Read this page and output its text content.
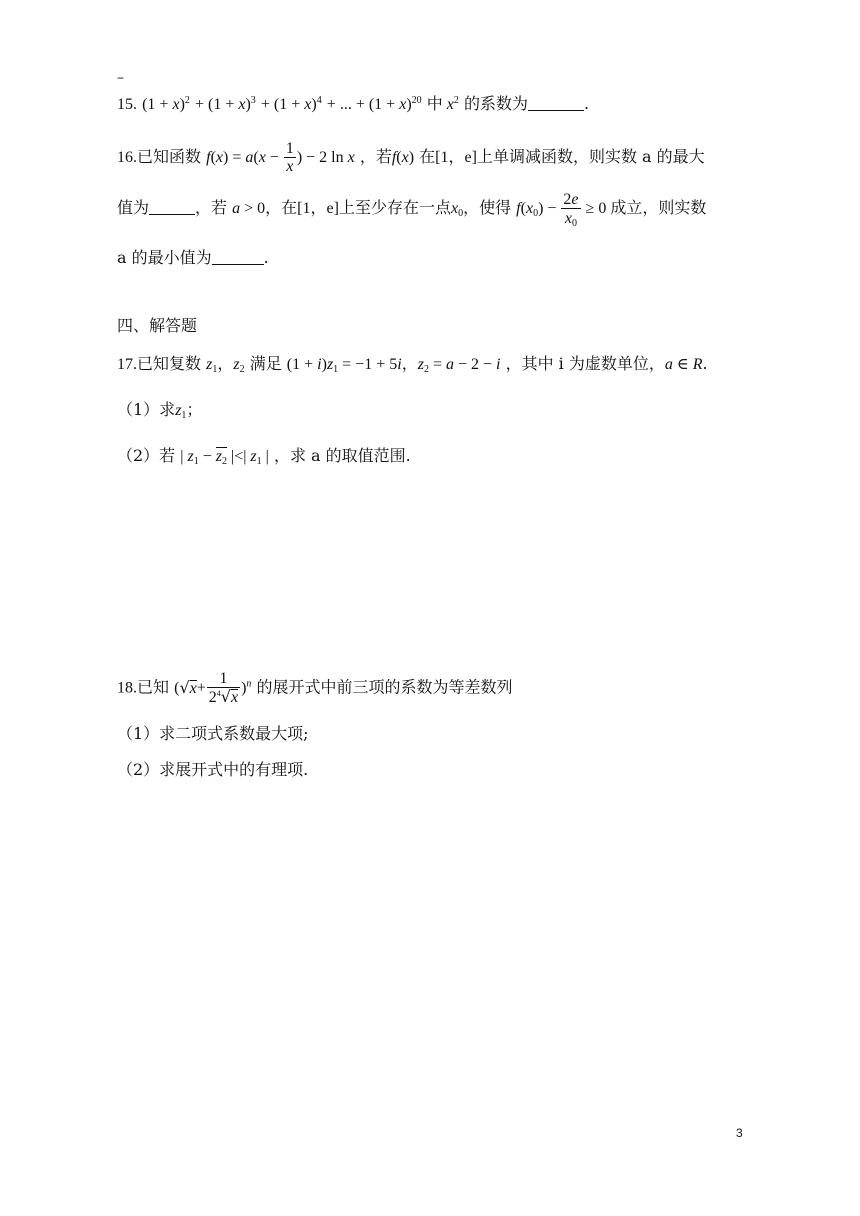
–
15. $(1 + x)^2 + (1 + x)^3 + (1 + x)^4$ + ... + $(1 + x)^{20}$ 中 $x^2$ 的系数为	.
16.已知函数 $f(x) = a(x - \frac{1}{x}$ ) − 2 ln x ，若f(x) 在[1，e]上单调减函数，则实数 a 的最大
值为	，若 a > 0，在[1，e]上至少存在一点$x_0$，使得 $f(x_0) - \frac{2e}{x_0} \ge 0$ 成立，则实数
a 的最小值为	.
四、解答题
17.已知复数 $z_1$，$z_2$ 满足 $(1 + i)z_1 = -1 + 5i$，$z_2 = a - 2 - i$ ，其中 i 为虚数单位，a ∈ R.
（1）求$z_1$；
（2）若 | $z_1 - z_2$ |<| $z_1$ | ，求 a 的取值范围.
18.已知 $(√x+ \frac{1}{2^4√x} )^n$ 的展开式中前三项的系数为等差数列
（1）求二项式系数最大项;
（2）求展开式中的有理项.
3
